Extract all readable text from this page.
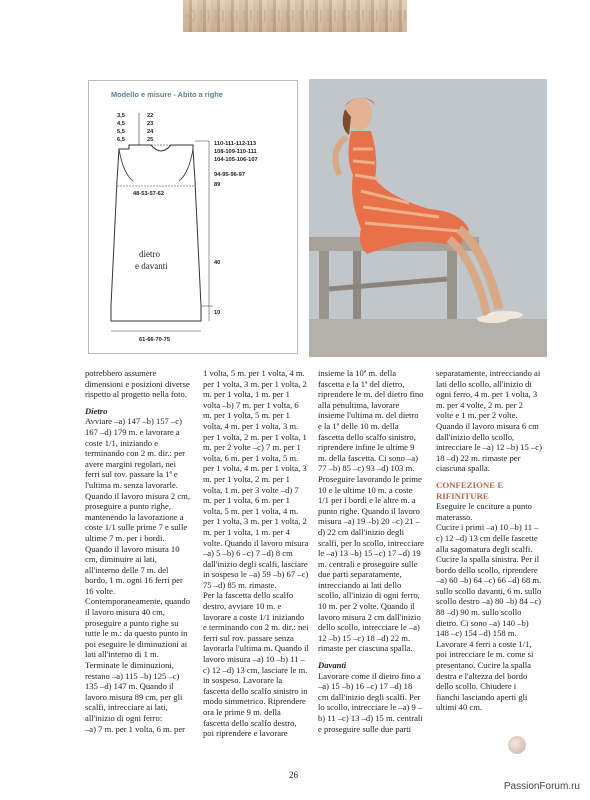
Modello e misure - Abito a righe
3,5
4,5
5,5
6,5
22
23
24
25
110-111-112-113
108-109-110-111
104-105-106-107
94-95-96-97
89
48-53-57-62
dietro
e davanti	40
10
61-66-70-75

potrebbero assumere dimensioni e posizioni diverse rispetto al progetto nella foto.

Dietro

Avviare –a) 147 –b) 157 –c) 167 –d) 179 m. e lavorare a coste 1/1, iniziando e terminando con 2 m. dir.: per avere margini regolari, nei ferri sul rov. passare la 1ª e l'ultima m. senza lavorarle. Quando il lavoro misura 2 cm, proseguire a punto righe, mantenendo la lavorazione a coste 1/1 sulle prime 7 e sulle ultime 7 m. per i bordi.

Quando il lavoro misura 10 cm, diminuire ai lati, all'interno delle 7 m. del bordo, 1 m. ogni 16 ferri per 16 volte. Contemporaneamente, quando il lavoro misura 40 cm, proseguire a punto righe su tutte le m.: da questo punto in poi eseguire le diminuzioni ai lati all'interno di 1 m. Terminate le diminuzioni, restano –a) 115 –b) 125 –c) 135 –d) 147 m. Quando il lavoro misura 89 cm, per gli scalfi, intrecciare ai lati, all'inizio di ogni ferro:

–a) 7 m. per 1 volta, 6 m. per

1 volta, 5 m. per 1 volta, 4 m. per 1 volta, 3 m. per 1 volta, 2 m. per 1 volta, 1 m. per 1 volta –b) 7 m. per 1 volta, 6 m. per 1 volta, 5 m. per 1 volta, 4 m. per 1 volta, 3 m. per 1 volta, 2 m. per 1 volta, 1 m. per 2 volte –c) 7 m. per 1 volta, 6 m. per 1 volta, 5 m. per 1 volta, 4 m. per 1 volta, 3 m. per 1 volta, 2 m. per 1 volta, 1 m. per 3 volte –d) 7 m. per 1 volta, 6 m. per 1 volta, 5 m. per 1 volta, 4 m. per 1 volta, 3 m. per 1 volta, 2 m. per 1 volta, 1 m. per 4 volte. Quando il lavoro misura –a) 5 –b) 6 –c) 7 –d) 8 cm dall'inizio degli scalfi, lasciare in sospeso le –a) 59 –b) 67 –c) 75 –d) 85 m. rimaste.

Per la fascetta dello scalfo destro, avviare 10 m. e lavorare a coste 1/1 iniziando e terminando con 2 m. dir.: nei ferri sul rov. passare senza lavorarla l'ultima m. Quando il lavoro misura –a) 10 –b) 11 –c) 12 –d) 13 cm, lasciare le m. in sospeso. Lavorare la fascetta dello scalfo sinistro in modo simmetrico. Riprendere ora le prime 9 m. della fascetta dello scalfo destro, poi riprendere e lavorare

insieme la 10ª m. della fascetta e la 1ª del dietro, riprendere le m. del dietro fino alla penultima, lavorare insieme l'ultima m. del dietro e la 1ª delle 10 m. della fascetta dello scalfo sinistro, riprendere infine le ultime 9 m. della fascetta. Ci sono –a) 77 –b) 85 –c) 93 –d) 103 m. Proseguire lavorando le prime 10 e le ultime 10 m. a coste 1/1 per i bordi e le altre m. a punto righe. Quando il lavoro misura –a) 19 –b) 20 –c) 21 –d) 22 cm dall'inizio degli scalfi, per lo scollo, intrecciare le –a) 13 –b) 15 –c) 17 –d) 19 m. centrali e proseguire sulle due parti separatamente, intrecciando ai lati dello scollo, all'inizio di ogni ferro, 10 m. per 2 volte. Quando il lavoro misura 2 cm dall'inizio dello scollo, intrecciare le –a) 12 –b) 15 –c) 18 –d) 22 m. rimaste per ciascuna spalla.

Davanti

Lavorare come il dietro fino a –a) 15 –b) 16 –c) 17 –d) 18 cm dall'inizio degli scalfi. Per lo scollo, intrecciare le –a) 9 –b) 11 –c) 13 –d) 15 m. centrali e proseguire sulle due parti

separatamente, intrecciando ai lati dello scollo, all'inizio di ogni ferro, 4 m. per 1 volta, 3 m. per 4 volte, 2 m. per 2 volte e 1 m. per 2 volte. Quando il lavoro misura 6 cm dall'inizio dello scollo, intrecciare le –a) 12 –b) 15 –c) 18 –d) 22 m. rimaste per ciascuna spalla.

CONFEZIONE E RIFINITURE

Eseguire le cuciture a punto materasso.

Cucire i primi –a) 10 –b) 11 –c) 12 –d) 13 cm delle fascette alla sagomatura degli scalfi. Cucire la spalla sinistra. Per il bordo dello scollo, riprendere –a) 60 –b) 64 –c) 66 –d) 68 m. sullo scollo davanti, 6 m. sullo scollo destro –a) 80 –b) 84 –c) 88 –d) 90 m. sullo scollo dietro. Ci sono –a) 140 –b) 148 –c) 154 –d) 158 m. Lavorare 4 ferri a coste 1/1, poi intrecciare le m. come si presentano. Cucire la spalla destra e l'altezza del bordo dello scollo. Chiudere i fianchi lasciando aperti gli ultimi 40 cm.

26
PassionForum.ru
